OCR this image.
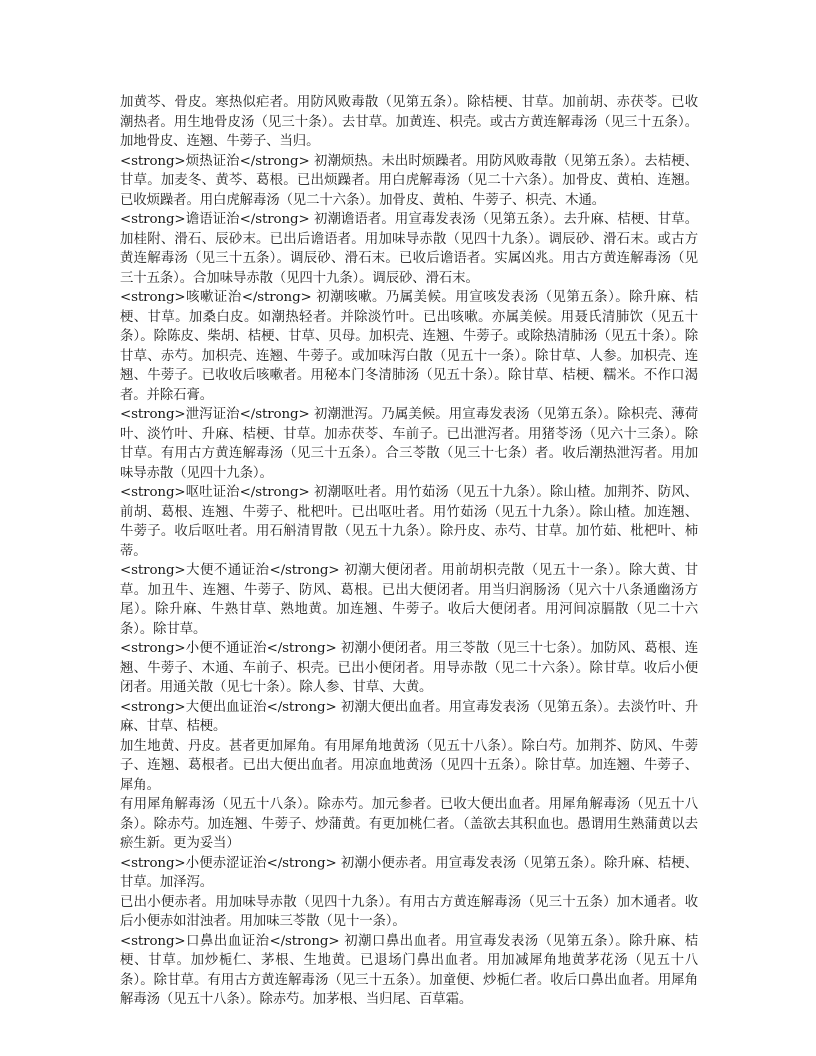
加黄芩、骨皮。寒热似疟者。用防风败毒散（见第五条）。除桔梗、甘草。加前胡、赤茯苓。已收潮热者。用生地骨皮汤（见三十条）。去甘草。加黄连、枳壳。或古方黄连解毒汤（见三十五条）。加地骨皮、连翘、牛蒡子、当归。

<strong>烦热证治</strong> 初潮烦热。未出时烦躁者。用防风败毒散（见第五条）。去桔梗、甘草。加麦冬、黄芩、葛根。已出烦躁者。用白虎解毒汤（见二十六条）。加骨皮、黄柏、连翘。已收烦躁者。用白虎解毒汤（见二十六条）。加骨皮、黄柏、牛蒡子、枳壳、木通。

<strong>谵语证治</strong> 初潮谵语者。用宣毒发表汤（见第五条）。去升麻、桔梗、甘草。加桂附、滑石、辰砂末。已出后谵语者。用加味导赤散（见四十九条）。调辰砂、滑石末。或古方黄连解毒汤（见三十五条）。调辰砂、滑石末。已收后谵语者。实属凶兆。用古方黄连解毒汤（见三十五条）。合加味导赤散（见四十九条）。调辰砂、滑石末。

<strong>咳嗽证治</strong> 初潮咳嗽。乃属美候。用宣咳发表汤（见第五条）。除升麻、桔梗、甘草。加桑白皮。如潮热轻者。并除淡竹叶。已出咳嗽。亦属美候。用聂氏清肺饮（见五十条）。除陈皮、柴胡、桔梗、甘草、贝母。加枳壳、连翘、牛蒡子。或除热清肺汤（见五十条）。除甘草、赤芍。加枳壳、连翘、牛蒡子。或加味泻白散（见五十一条）。除甘草、人参。加枳壳、连翘、牛蒡子。已收收后咳嗽者。用秘本门冬清肺汤（见五十条）。除甘草、桔梗、糯米。不作口渴者。并除石膏。

<strong>泄泻证治</strong> 初潮泄泻。乃属美候。用宣毒发表汤（见第五条）。除枳壳、薄荷叶、淡竹叶、升麻、桔梗、甘草。加赤茯苓、车前子。已出泄泻者。用猪苓汤（见六十三条）。除甘草。有用古方黄连解毒汤（见三十五条）。合三苓散（见三十七条）者。收后潮热泄泻者。用加味导赤散（见四十九条）。

<strong>呕吐证治</strong> 初潮呕吐者。用竹茹汤（见五十九条）。除山楂。加荆芥、防风、前胡、葛根、连翘、牛蒡子、枇杷叶。已出呕吐者。用竹茹汤（见五十九条）。除山楂。加连翘、牛蒡子。收后呕吐者。用石斛清胃散（见五十九条）。除丹皮、赤芍、甘草。加竹茹、枇杷叶、柿蒂。

<strong>大便不通证治</strong> 初潮大便闭者。用前胡枳壳散（见五十一条）。除大黄、甘草。加丑牛、连翘、牛蒡子、防风、葛根。已出大便闭者。用当归润肠汤（见六十八条通幽汤方尾）。除升麻、牛熟甘草、熟地黄。加连翘、牛蒡子。收后大便闭者。用河间凉膈散（见二十六条）。除甘草。

<strong>小便不通证治</strong> 初潮小便闭者。用三苓散（见三十七条）。加防风、葛根、连翘、牛蒡子、木通、车前子、枳壳。已出小便闭者。用导赤散（见二十六条）。除甘草。收后小便闭者。用通关散（见七十条）。除人参、甘草、大黄。

<strong>大便出血证治</strong> 初潮大便出血者。用宣毒发表汤（见第五条）。去淡竹叶、升麻、甘草、桔梗。

加生地黄、丹皮。甚者更加犀角。有用犀角地黄汤（见五十八条）。除白芍。加荆芥、防风、牛蒡子、连翘、葛根者。已出大便出血者。用凉血地黄汤（见四十五条）。除甘草。加连翘、牛蒡子、犀角。

有用犀角解毒汤（见五十八条）。除赤芍。加元参者。已收大便出血者。用犀角解毒汤（见五十八条）。除赤芍。加连翘、牛蒡子、炒蒲黄。有更加桃仁者。（盖欲去其积血也。愚谓用生熟蒲黄以去瘀生新。更为妥当）

<strong>小便赤涩证治</strong> 初潮小便赤者。用宣毒发表汤（见第五条）。除升麻、桔梗、甘草。加泽泻。

已出小便赤者。用加味导赤散（见四十九条）。有用古方黄连解毒汤（见三十五条）加木通者。收后小便赤如泔浊者。用加味三苓散（见十一条）。

<strong>口鼻出血证治</strong> 初潮口鼻出血者。用宣毒发表汤（见第五条）。除升麻、桔梗、甘草。加炒栀仁、茅根、生地黄。已退场门鼻出血者。用加减犀角地黄茅花汤（见五十八条）。除甘草。有用古方黄连解毒汤（见三十五条）。加童便、炒栀仁者。收后口鼻出血者。用犀角解毒汤（见五十八条）。除赤芍。加茅根、当归尾、百草霜。
